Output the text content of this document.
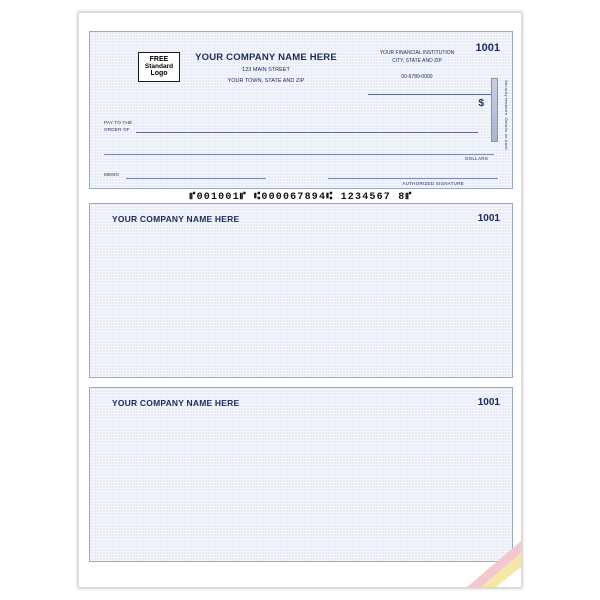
FREE
Standard
Logo
YOUR COMPANY NAME HERE
123 MAIN STREET
YOUR TOWN, STATE AND ZIP
YOUR FINANCIAL INSTITUTION
CITY, STATE AND ZIP
00-6789-0000
1001
PAY TO THE
ORDER OF
$
DOLLARS
Security features. Details on back.
MEMO
AUTHORIZED SIGNATURE
⑈001001⑈ ⑆000067894⑆ 1234567 8⑈
YOUR COMPANY NAME HERE	1001
YOUR COMPANY NAME HERE	1001
